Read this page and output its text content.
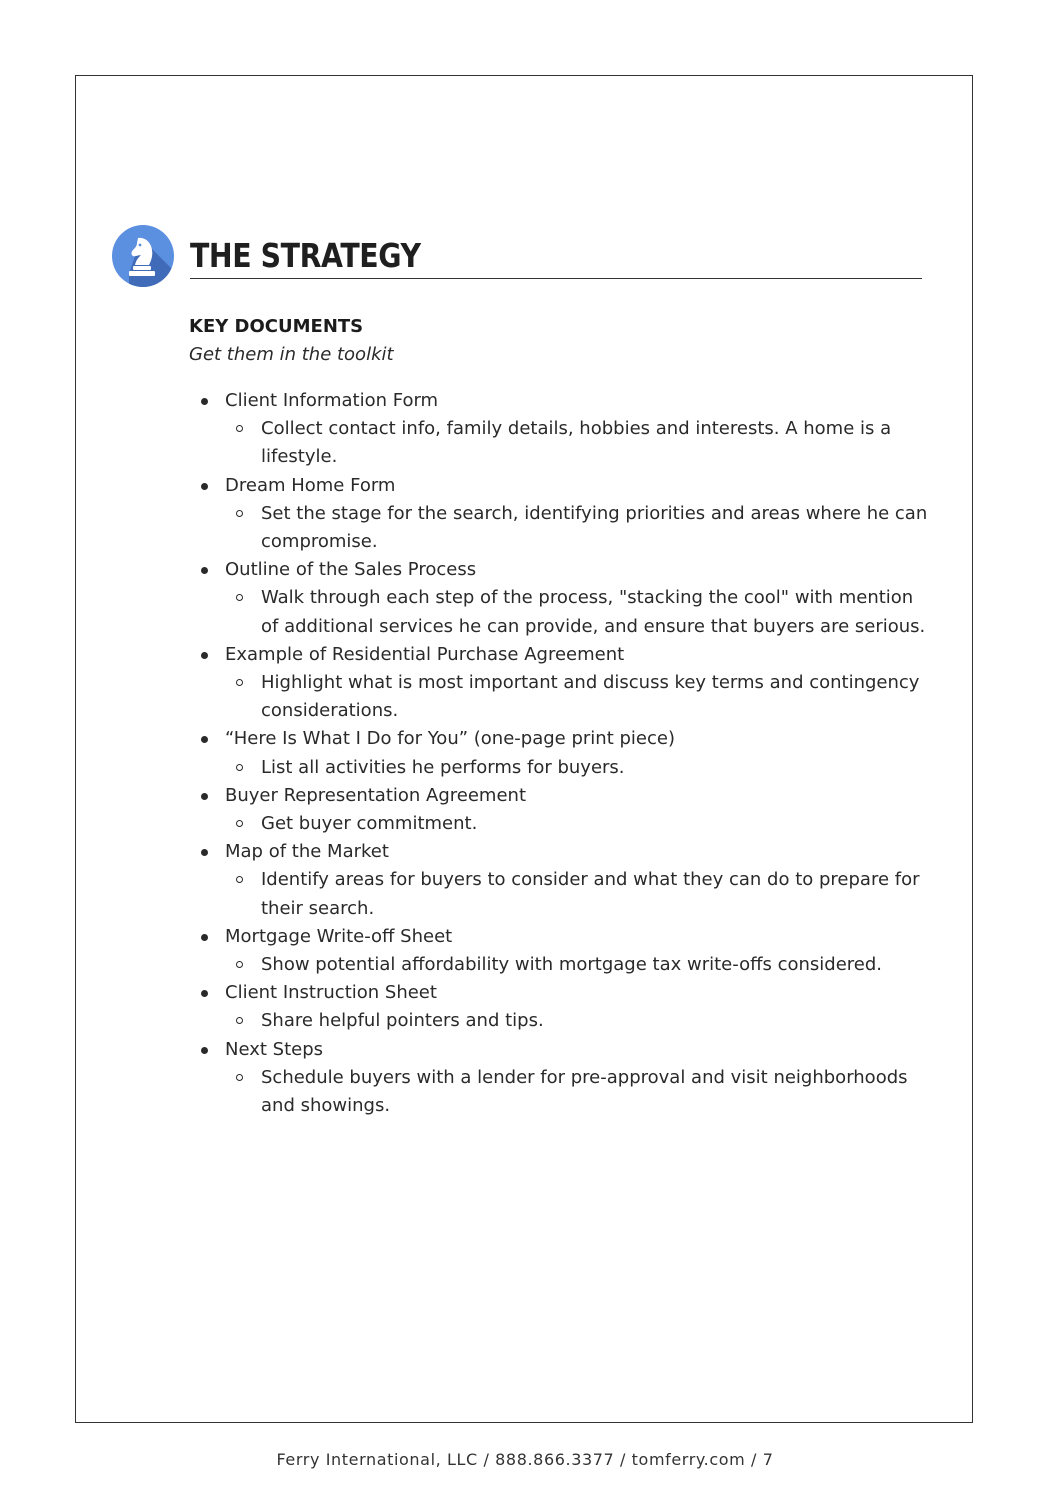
THE STRATEGY

KEY DOCUMENTS

Get them in the toolkit

Client Information Form
Collect contact info, family details, hobbies and interests. A home is a lifestyle.
Dream Home Form
Set the stage for the search, identifying priorities and areas where he can compromise.
Outline of the Sales Process
Walk through each step of the process, "stacking the cool" with mention of additional services he can provide, and ensure that buyers are serious.
Example of Residential Purchase Agreement
Highlight what is most important and discuss key terms and contingency considerations.
“Here Is What I Do for You” (one-page print piece)
List all activities he performs for buyers.
Buyer Representation Agreement
Get buyer commitment.
Map of the Market
Identify areas for buyers to consider and what they can do to prepare for their search.
Mortgage Write-off Sheet
Show potential affordability with mortgage tax write-offs considered.
Client Instruction Sheet
Share helpful pointers and tips.
Next Steps
Schedule buyers with a lender for pre-approval and visit neighborhoods and showings.
Ferry International, LLC / 888.866.3377 / tomferry.com / 7
